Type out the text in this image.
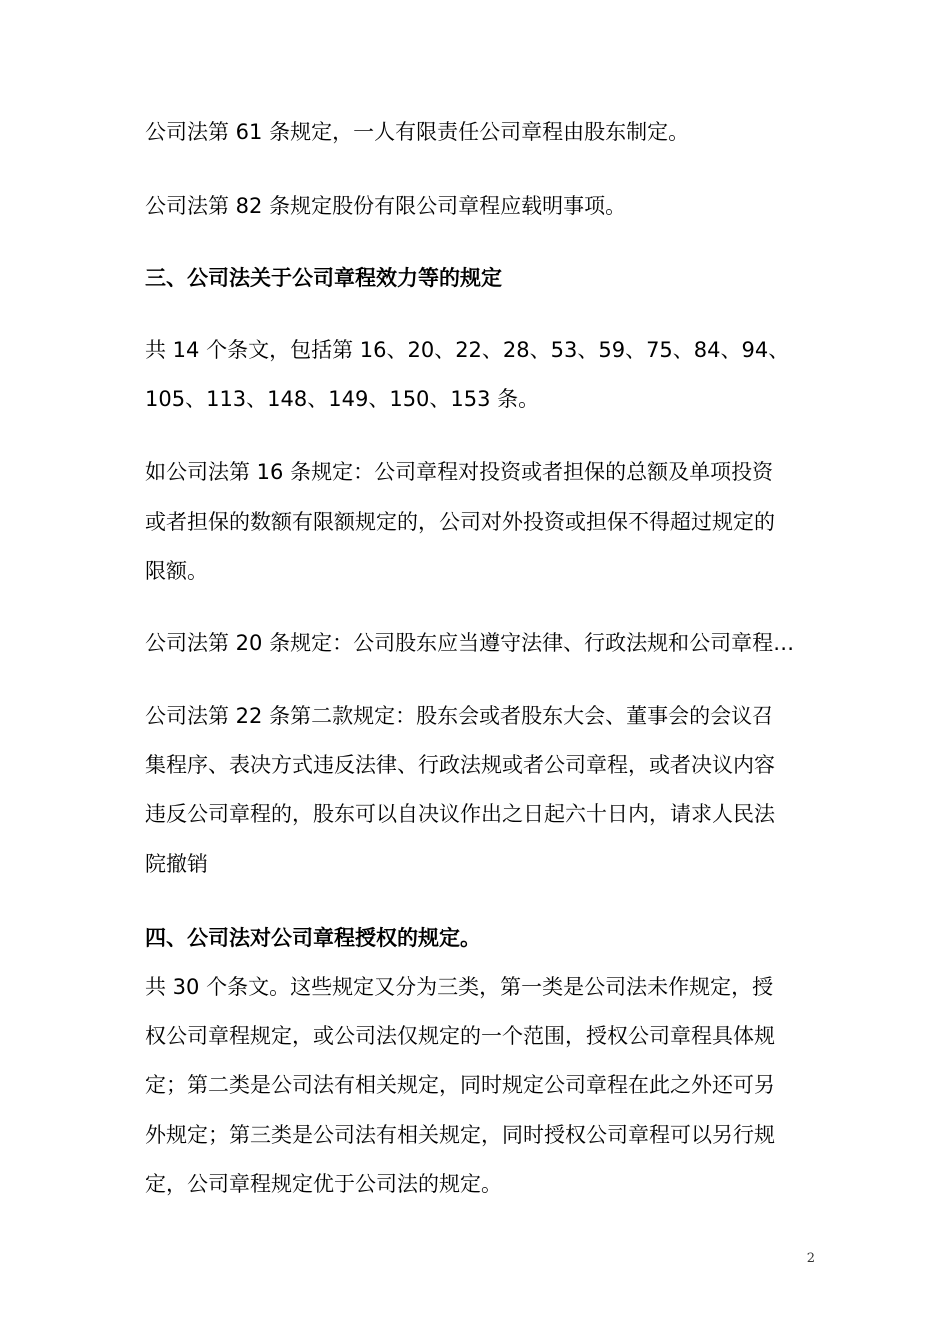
公司法第 61 条规定，一人有限责任公司章程由股东制定。
公司法第 82 条规定股份有限公司章程应载明事项。
三、公司法关于公司章程效力等的规定
共 14 个条文，包括第 16、20、22、28、53、59、75、84、94、
105、113、148、149、150、153 条。
如公司法第 16 条规定：公司章程对投资或者担保的总额及单项投资
或者担保的数额有限额规定的，公司对外投资或担保不得超过规定的
限额。
公司法第 20 条规定：公司股东应当遵守法律、行政法规和公司章程…
公司法第 22 条第二款规定：股东会或者股东大会、董事会的会议召
集程序、表决方式违反法律、行政法规或者公司章程，或者决议内容
违反公司章程的，股东可以自决议作出之日起六十日内，请求人民法
院撤销
四、公司法对公司章程授权的规定。
共 30 个条文。这些规定又分为三类，第一类是公司法未作规定，授
权公司章程规定，或公司法仅规定的一个范围，授权公司章程具体规
定；第二类是公司法有相关规定，同时规定公司章程在此之外还可另
外规定；第三类是公司法有相关规定，同时授权公司章程可以另行规
定，公司章程规定优于公司法的规定。
2
